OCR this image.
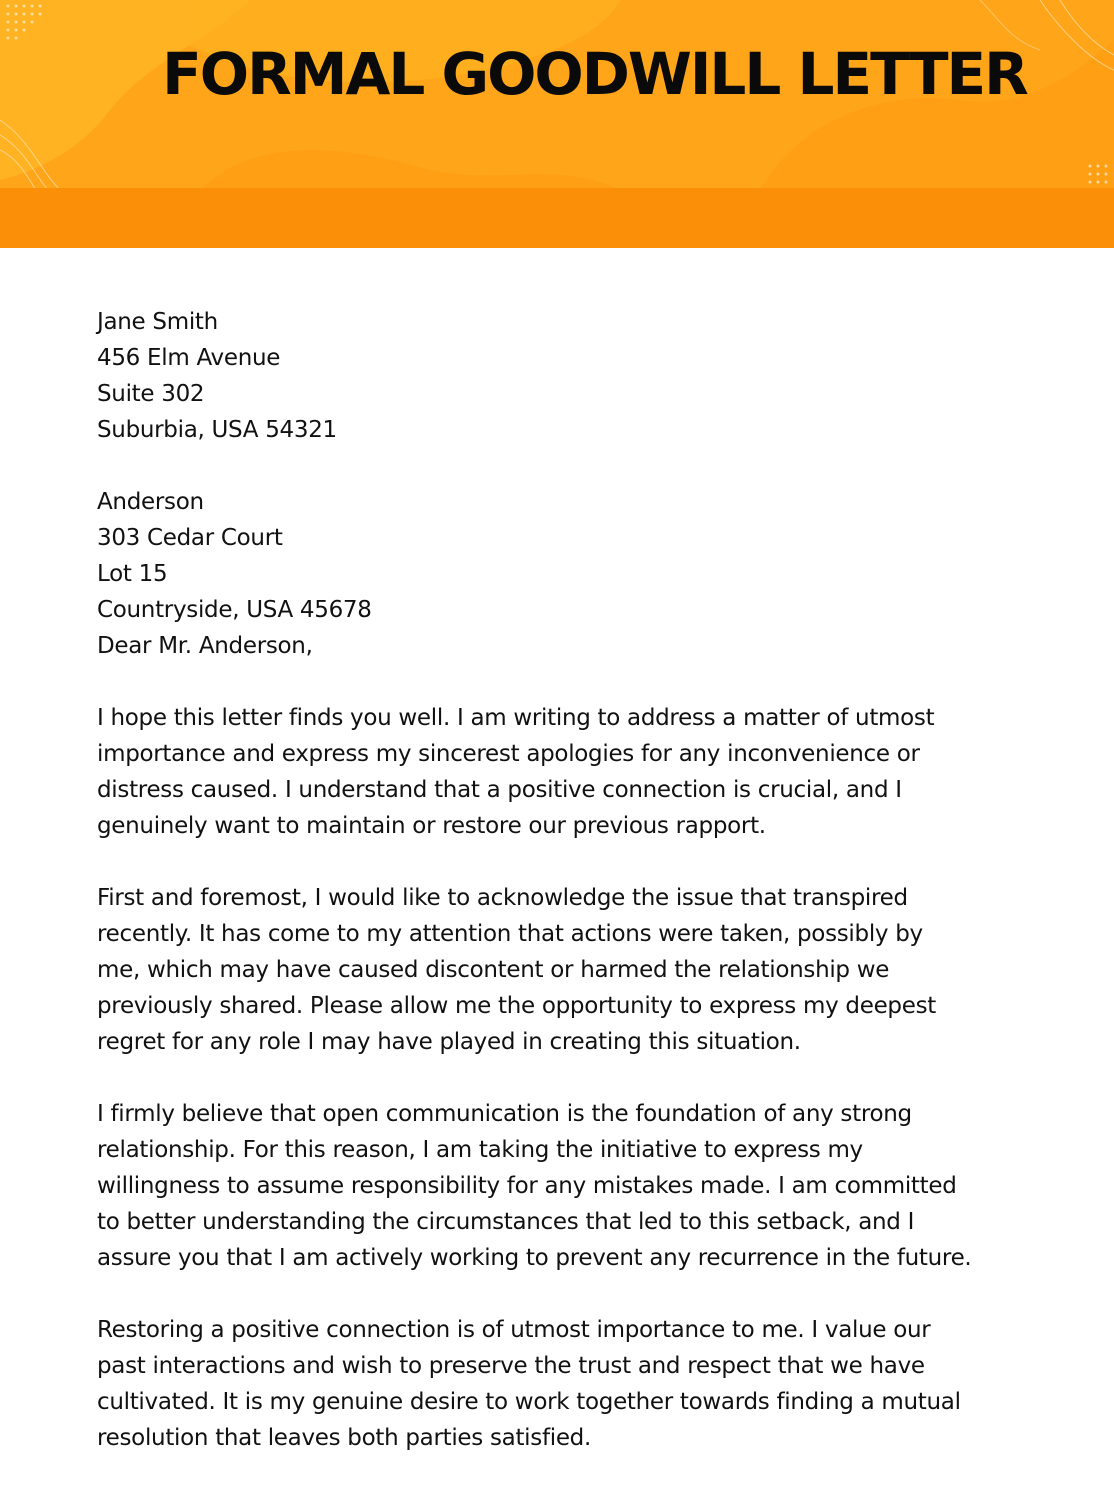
FORMAL GOODWILL LETTER
Jane Smith
456 Elm Avenue
Suite 302
Suburbia, USA 54321
Anderson
303 Cedar Court
Lot 15
Countryside, USA 45678
Dear Mr. Anderson,
I hope this letter finds you well. I am writing to address a matter of utmost
importance and express my sincerest apologies for any inconvenience or
distress caused. I understand that a positive connection is crucial, and I
genuinely want to maintain or restore our previous rapport.
First and foremost, I would like to acknowledge the issue that transpired
recently. It has come to my attention that actions were taken, possibly by
me, which may have caused discontent or harmed the relationship we
previously shared. Please allow me the opportunity to express my deepest
regret for any role I may have played in creating this situation.
I firmly believe that open communication is the foundation of any strong
relationship. For this reason, I am taking the initiative to express my
willingness to assume responsibility for any mistakes made. I am committed
to better understanding the circumstances that led to this setback, and I
assure you that I am actively working to prevent any recurrence in the future.
Restoring a positive connection is of utmost importance to me. I value our
past interactions and wish to preserve the trust and respect that we have
cultivated. It is my genuine desire to work together towards finding a mutual
resolution that leaves both parties satisfied.
